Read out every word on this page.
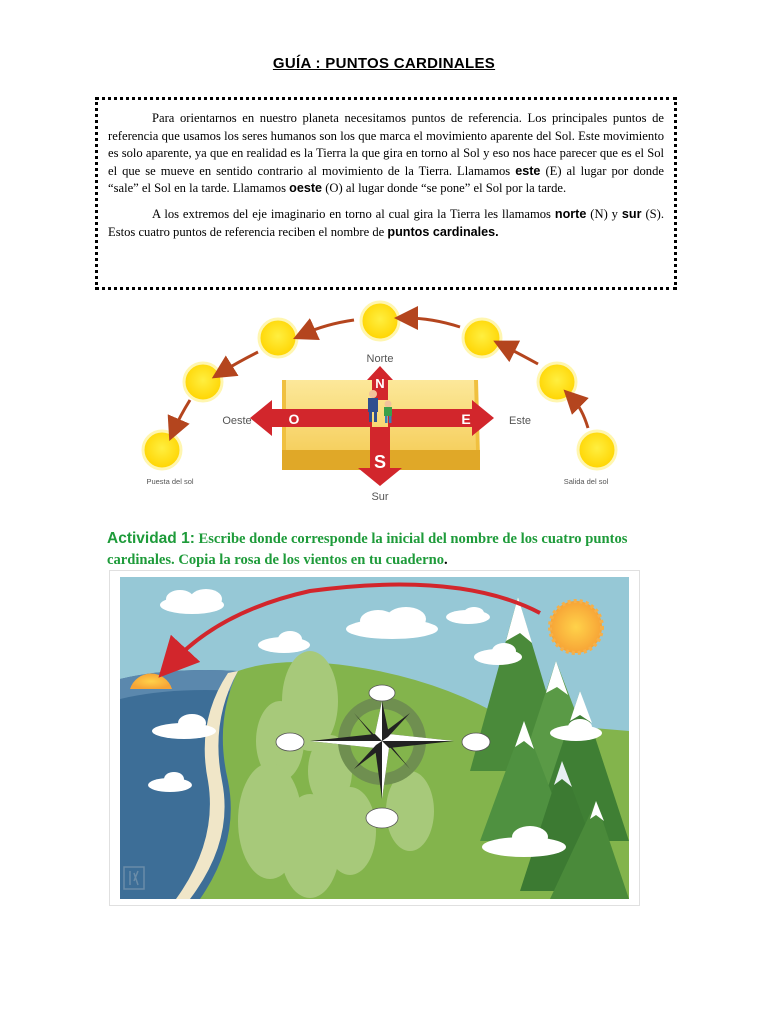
GUÍA : PUNTOS CARDINALES

Para orientarnos en nuestro planeta necesitamos puntos de referencia. Los principales puntos de referencia que usamos los seres humanos son los que marca el movimiento aparente del Sol. Este movimiento es solo aparente, ya que en realidad es la Tierra la que gira en torno al Sol y eso nos hace parecer que es el Sol el que se mueve en sentido contrario al movimiento de la Tierra. Llamamos este (E) al lugar por donde “sale” el Sol en la tarde. Llamamos oeste (O) al lugar donde “se pone” el Sol por la tarde.

A los extremos del eje imaginario en torno al cual gira la Tierra les llamamos norte (N) y sur (S). Estos cuatro puntos de referencia reciben el nombre de puntos cardinales.

N
O	E
S
Norte
Sur
Oeste	Este
Puesta del sol	Salida del sol
Actividad 1: Escribe donde corresponde la inicial del nombre de los cuatro puntos cardinales. Copia la rosa de los vientos en tu cuaderno.
